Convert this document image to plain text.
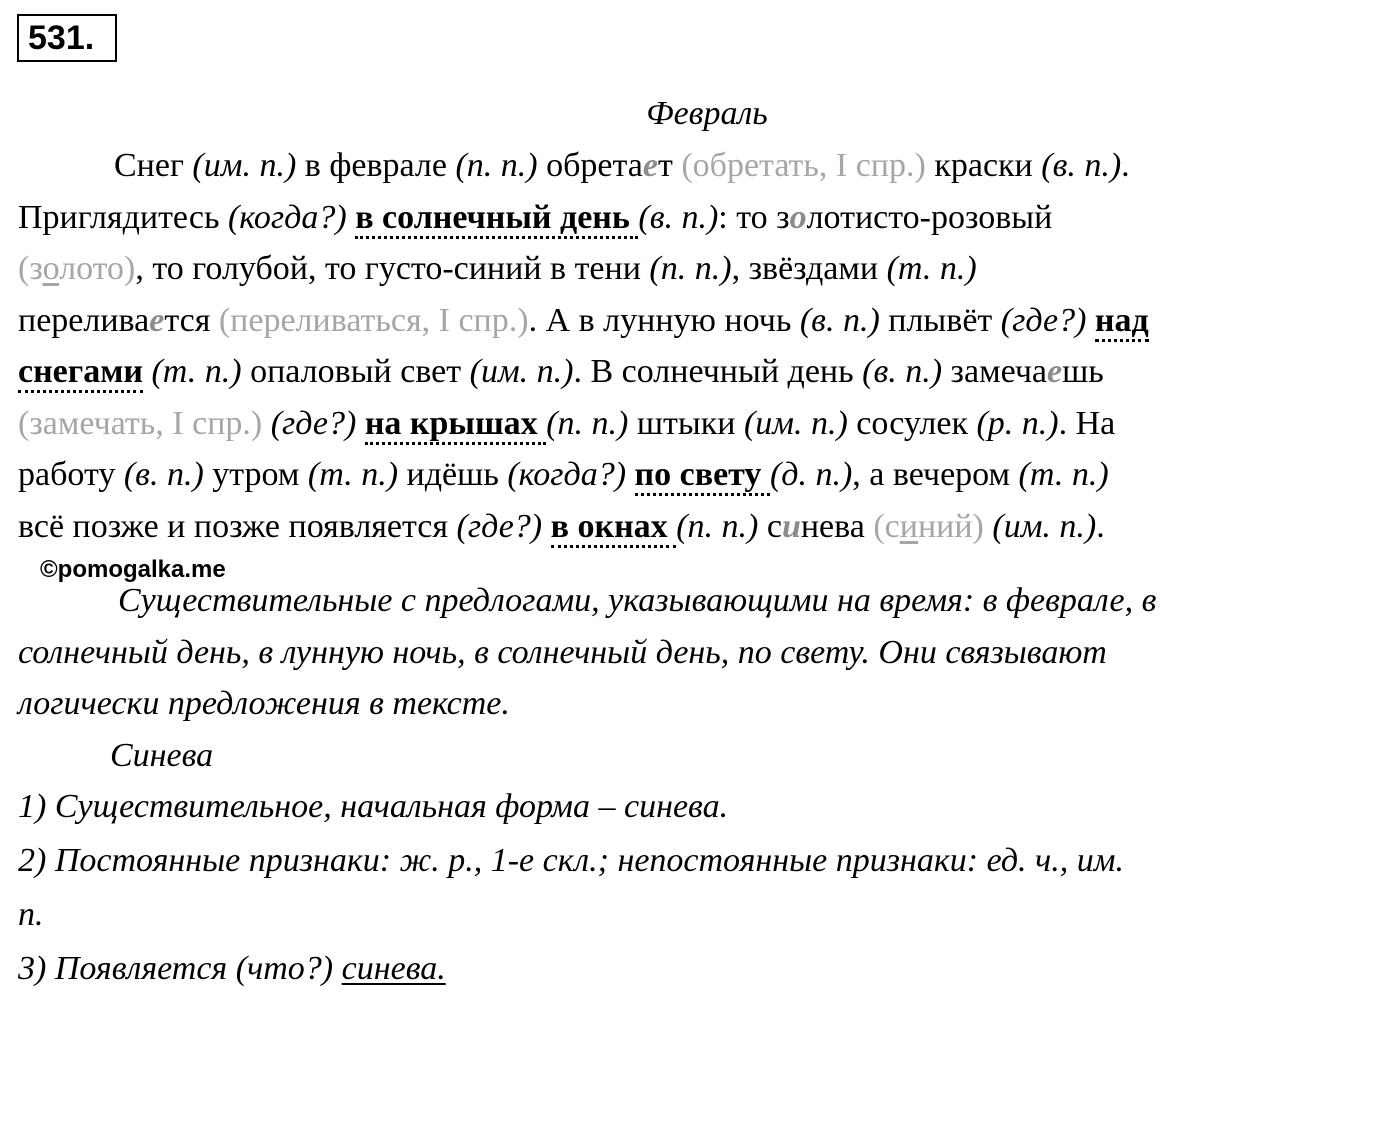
531.
Февраль
Снег (им. п.) в феврале (п. п.) обретает (обретать, I спр.) краски (в. п.).
Приглядитесь (когда?) в солнечный день (в. п.): то золотисто-розовый
(золото), то голубой, то густо-синий в тени (п. п.), звёздами (т. п.)
переливается (переливаться, I спр.). А в лунную ночь (в. п.) плывёт (где?) над
снегами (т. п.) опаловый свет (им. п.). В солнечный день (в. п.) замечаешь
(замечать, I спр.) (где?) на крышах (п. п.) штыки (им. п.) сосулек (р. п.). На
работу (в. п.) утром (т. п.) идёшь (когда?) по свету (д. п.), а вечером (т. п.)
всё позже и позже появляется (где?) в окнах (п. п.) синева (синий) (им. п.).
©pomogalka.me
Существительные с предлогами, указывающими на время: в феврале, в
солнечный день, в лунную ночь, в солнечный день, по свету. Они связывают
логически предложения в тексте.
Синева
1) Существительное, начальная форма – синева.
2) Постоянные признаки: ж. р., 1-е скл.; непостоянные признаки: ед. ч., им.
п.
3) Появляется (что?) синева.
